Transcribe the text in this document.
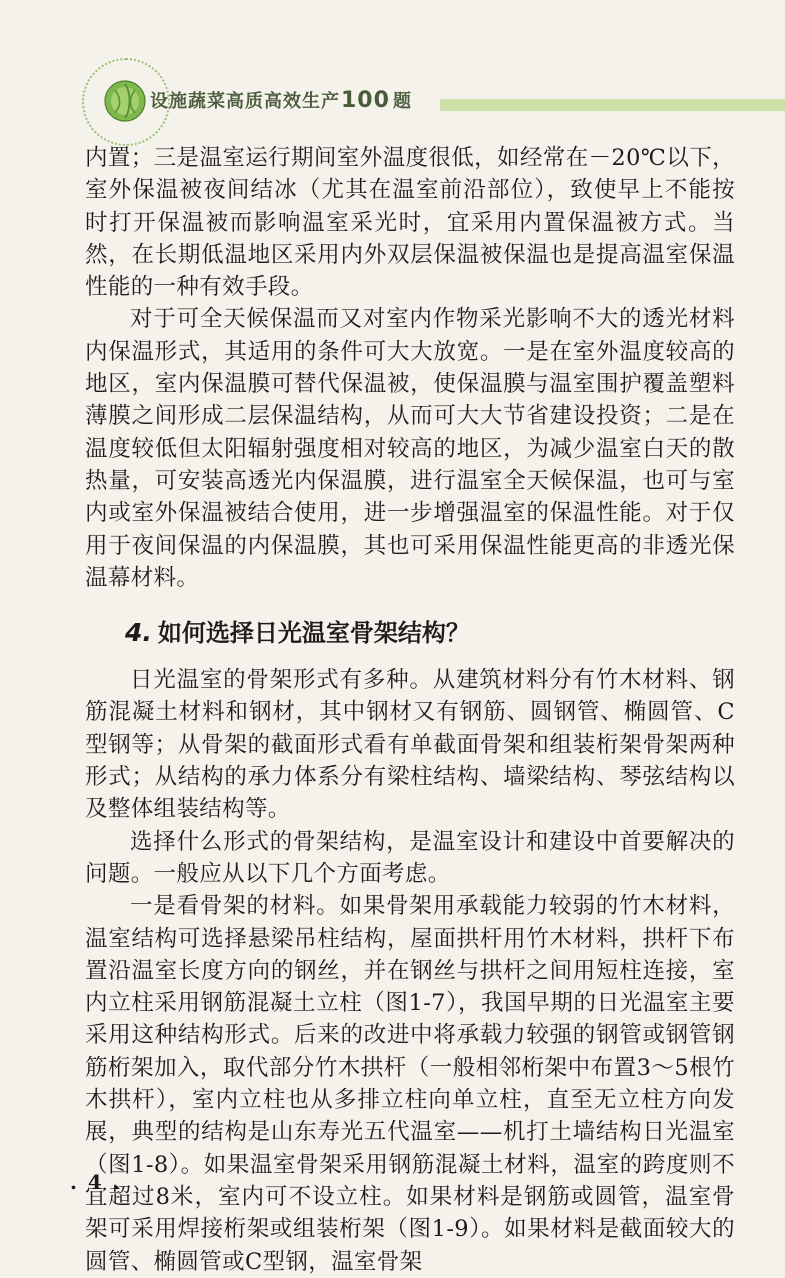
设施蔬菜高质高效生产100 题

内置；三是温室运行期间室外温度很低，如经常在－20℃以下，室外保温被夜间结冰（尤其在温室前沿部位），致使早上不能按时打开保温被而影响温室采光时，宜采用内置保温被方式。当然，在长期低温地区采用内外双层保温被保温也是提高温室保温性能的一种有效手段。

对于可全天候保温而又对室内作物采光影响不大的透光材料内保温形式，其适用的条件可大大放宽。一是在室外温度较高的地区，室内保温膜可替代保温被，使保温膜与温室围护覆盖塑料薄膜之间形成二层保温结构，从而可大大节省建设投资；二是在温度较低但太阳辐射强度相对较高的地区，为减少温室白天的散热量，可安装高透光内保温膜，进行温室全天候保温，也可与室内或室外保温被结合使用，进一步增强温室的保温性能。对于仅用于夜间保温的内保温膜，其也可采用保温性能更高的非透光保温幕材料。

4. 如何选择日光温室骨架结构？

日光温室的骨架形式有多种。从建筑材料分有竹木材料、钢筋混凝土材料和钢材，其中钢材又有钢筋、圆钢管、椭圆管、C型钢等；从骨架的截面形式看有单截面骨架和组装桁架骨架两种形式；从结构的承力体系分有梁柱结构、墙梁结构、琴弦结构以及整体组装结构等。

选择什么形式的骨架结构，是温室设计和建设中首要解决的问题。一般应从以下几个方面考虑。

一是看骨架的材料。如果骨架用承载能力较弱的竹木材料，温室结构可选择悬梁吊柱结构，屋面拱杆用竹木材料，拱杆下布置沿温室长度方向的钢丝，并在钢丝与拱杆之间用短柱连接，室内立柱采用钢筋混凝土立柱（图1-7），我国早期的日光温室主要采用这种结构形式。后来的改进中将承载力较强的钢管或钢管钢筋桁架加入，取代部分竹木拱杆（一般相邻桁架中布置3～5根竹木拱杆），室内立柱也从多排立柱向单立柱，直至无立柱方向发展，典型的结构是山东寿光五代温室——机打土墙结构日光温室（图1-8）。如果温室骨架采用钢筋混凝土材料，温室的跨度则不宜超过8米，室内可不设立柱。如果材料是钢筋或圆管，温室骨架可采用焊接桁架或组装桁架（图1-9）。如果材料是截面较大的圆管、椭圆管或C型钢，温室骨架

. 4 .
